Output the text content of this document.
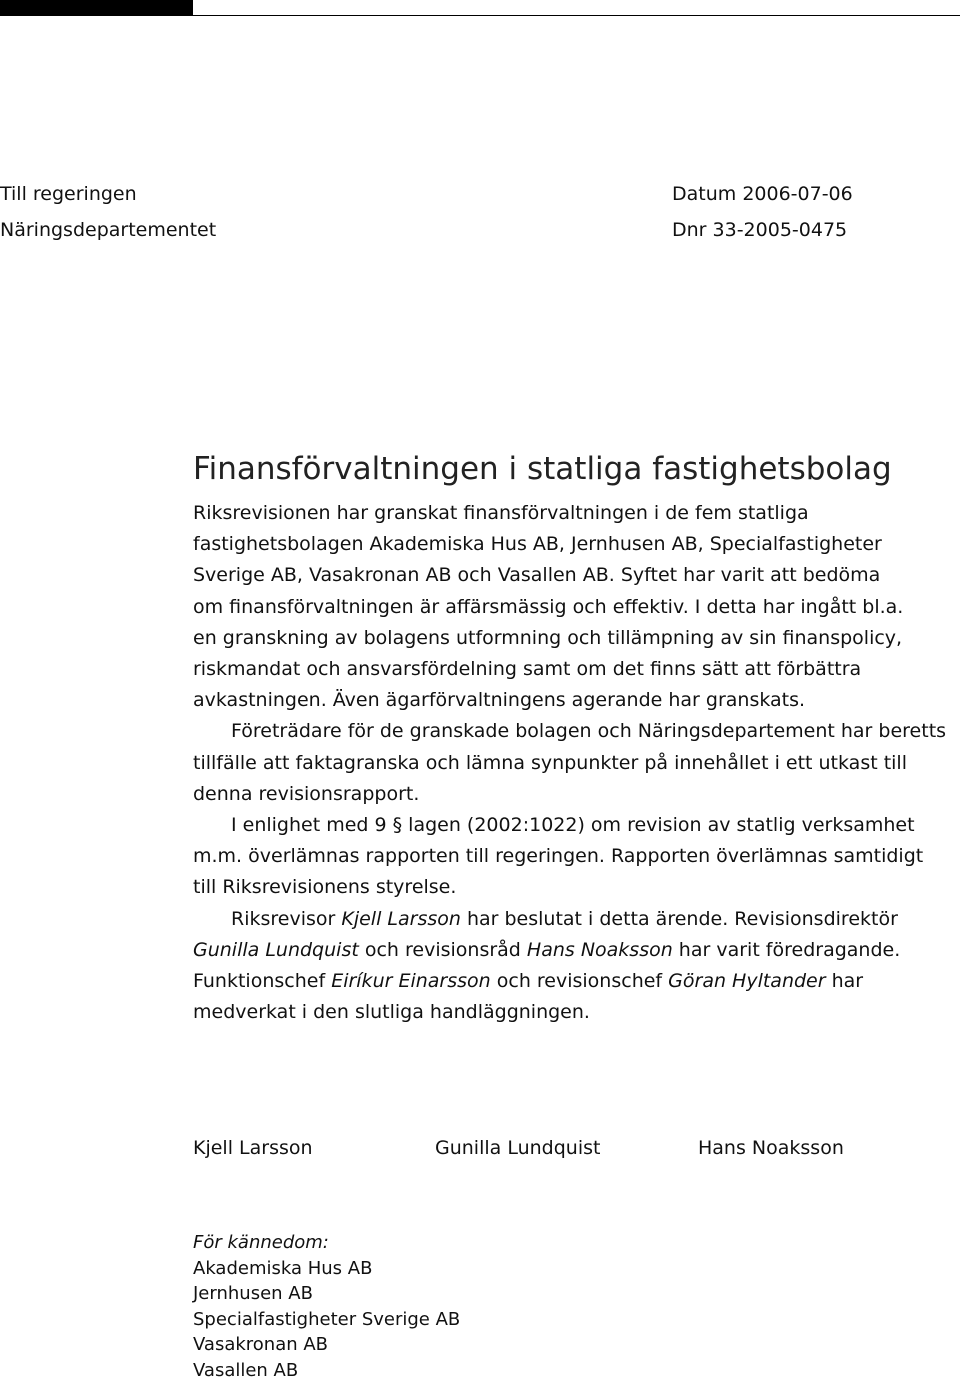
Till regeringen
Näringsdepartementet
Datum 2006-07-06
Dnr 33-2005-0475
Finansförvaltningen i statliga fastighetsbolag

Riksrevisionen har granskat finansförvaltningen i de fem statliga

fastighetsbolagen Akademiska Hus AB, Jernhusen AB, Specialfastigheter

Sverige AB, Vasakronan AB och Vasallen AB. Syftet har varit att bedöma

om finansförvaltningen är affärsmässig och effektiv. I detta har ingått bl.a.

en granskning av bolagens utformning och tillämpning av sin finanspolicy,

riskmandat och ansvarsfördelning samt om det finns sätt att förbättra

avkastningen. Även ägarförvaltningens agerande har granskats.

Företrädare för de granskade bolagen och Näringsdepartement har beretts

tillfälle att faktagranska och lämna synpunkter på innehållet i ett utkast till

denna revisionsrapport.

I enlighet med 9 § lagen (2002:1022) om revision av statlig verksamhet

m.m. överlämnas rapporten till regeringen. Rapporten överlämnas samtidigt

till Riksrevisionens styrelse.

Riksrevisor Kjell Larsson har beslutat i detta ärende. Revisionsdirektör

Gunilla Lundquist och revisionsråd Hans Noaksson har varit föredragande.

Funktionschef Eiríkur Einarsson och revisionschef Göran Hyltander har

medverkat i den slutliga handläggningen.

Kjell Larsson	Gunilla Lundquist	Hans Noaksson
För kännedom:
Akademiska Hus AB
Jernhusen AB
Specialfastigheter Sverige AB
Vasakronan AB
Vasallen AB
